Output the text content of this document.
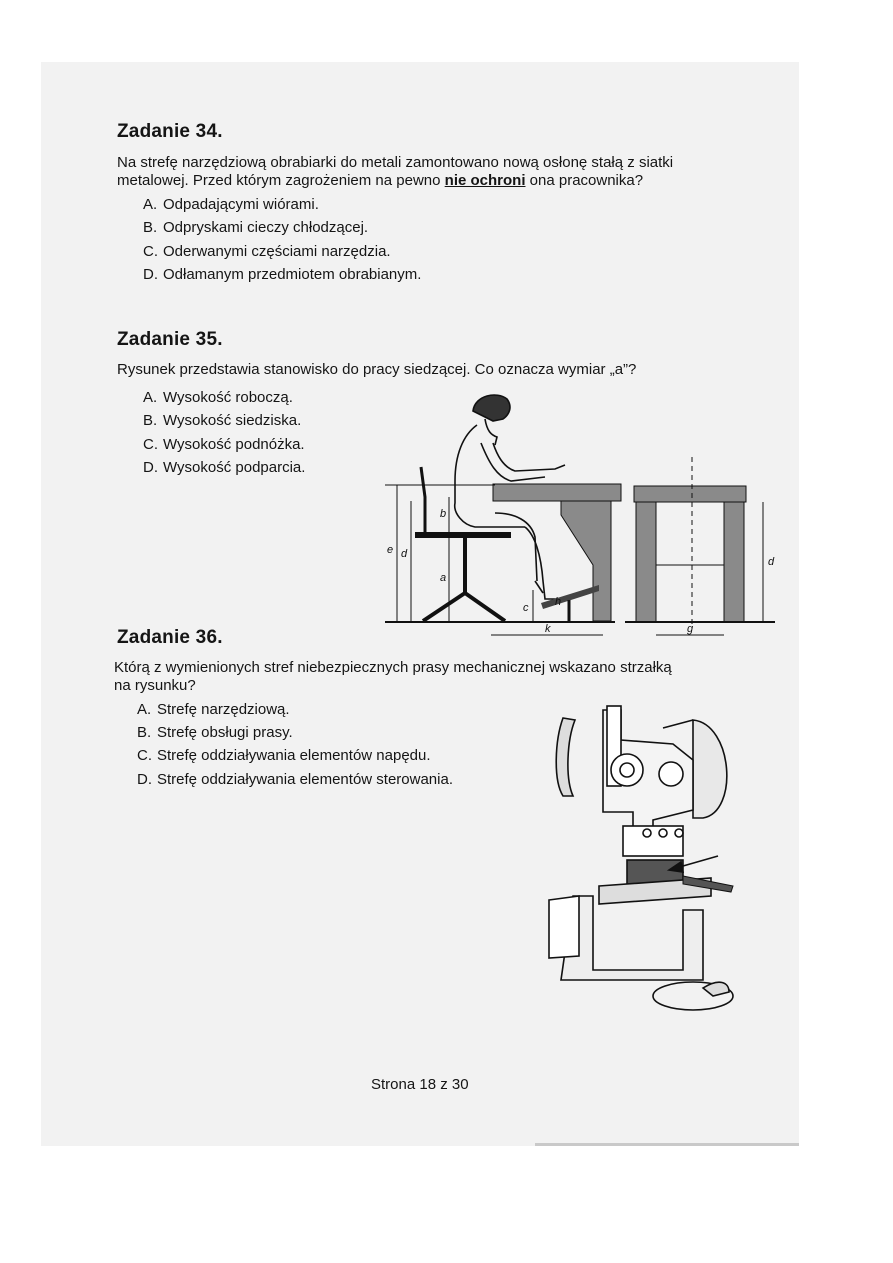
Zadanie 34.
Na strefę narzędziową obrabiarki do metali zamontowano nową osłonę stałą z siatki
metalowej. Przed którym zagrożeniem na pewno nie ochroni ona pracownika?
A. Odpadającymi wiórami.
B. Odpryskami cieczy chłodzącej.
C. Oderwanymi częściami narzędzia.
D. Odłamanym przedmiotem obrabianym.
Zadanie 35.
Rysunek przedstawia stanowisko do pracy siedzącej. Co oznacza wymiar „a”?
A. Wysokość roboczą.
B. Wysokość siedziska.
C. Wysokość podnóżka.
D. Wysokość podparcia.
e d
a
b
c h
k
d
g
Zadanie 36.
Którą z wymienionych stref niebezpiecznych prasy mechanicznej wskazano strzałką
na rysunku?
A. Strefę narzędziową.
B. Strefę obsługi prasy.
C. Strefę oddziaływania elementów napędu.
D. Strefę oddziaływania elementów sterowania.
Strona 18 z 30
